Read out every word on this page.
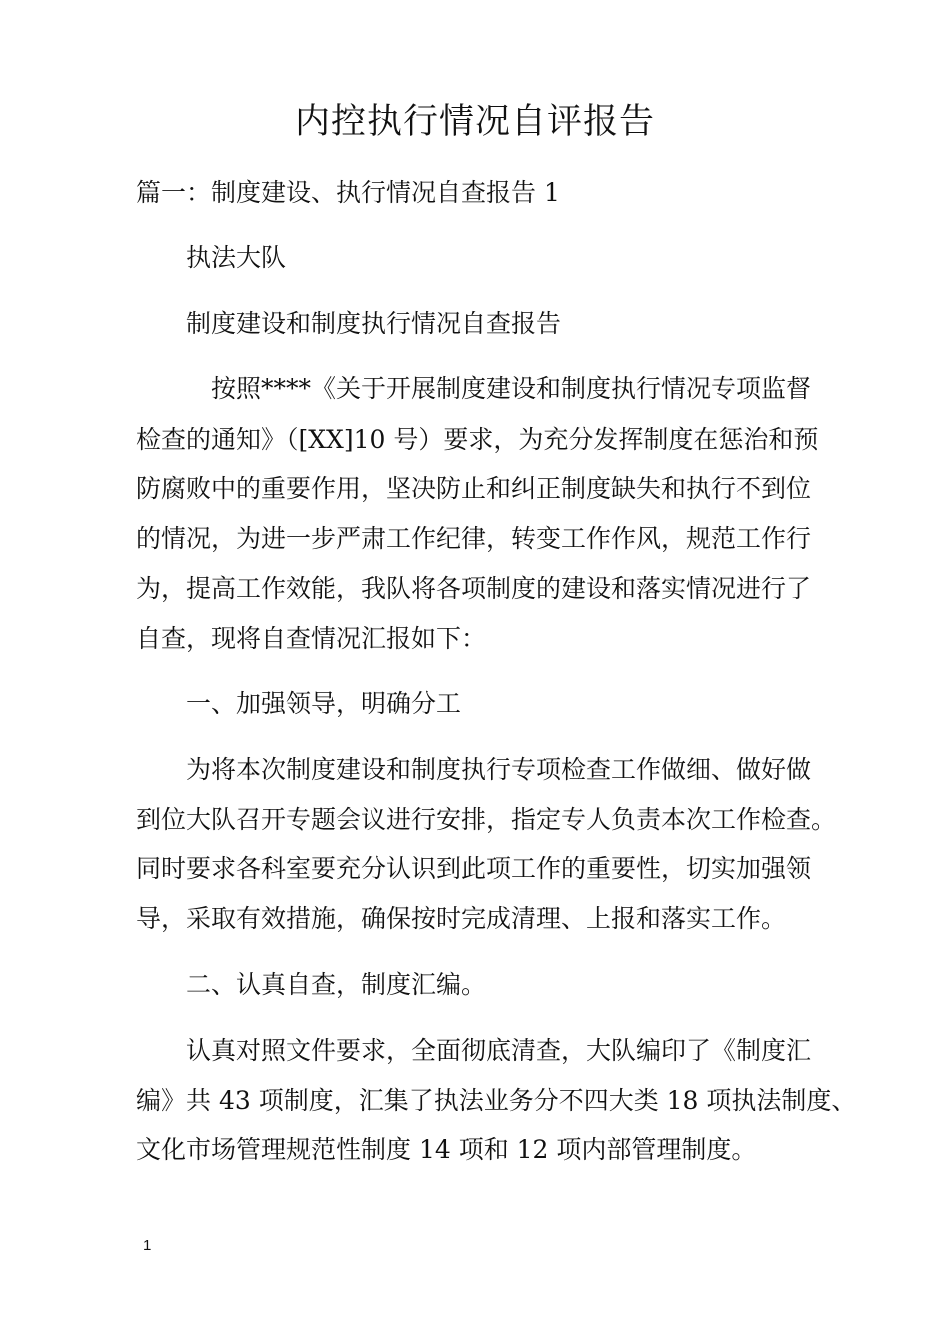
内控执行情况自评报告

篇一：制度建设、执行情况自查报告 1

执法大队

制度建设和制度执行情况自查报告

按照****《关于开展制度建设和制度执行情况专项监督

检查的通知》（[XX]10 号）要求，为充分发挥制度在惩治和预

防腐败中的重要作用，坚决防止和纠正制度缺失和执行不到位

的情况，为进一步严肃工作纪律，转变工作作风，规范工作行

为，提高工作效能，我队将各项制度的建设和落实情况进行了

自查，现将自查情况汇报如下：

一、加强领导，明确分工

为将本次制度建设和制度执行专项检查工作做细、做好做

到位大队召开专题会议进行安排，指定专人负责本次工作检查。

同时要求各科室要充分认识到此项工作的重要性，切实加强领

导，采取有效措施，确保按时完成清理、上报和落实工作。

二、认真自查，制度汇编。

认真对照文件要求，全面彻底清查，大队编印了《制度汇

编》共 43 项制度，汇集了执法业务分不四大类 18 项执法制度、

文化市场管理规范性制度 14 项和 12 项内部管理制度。

1
